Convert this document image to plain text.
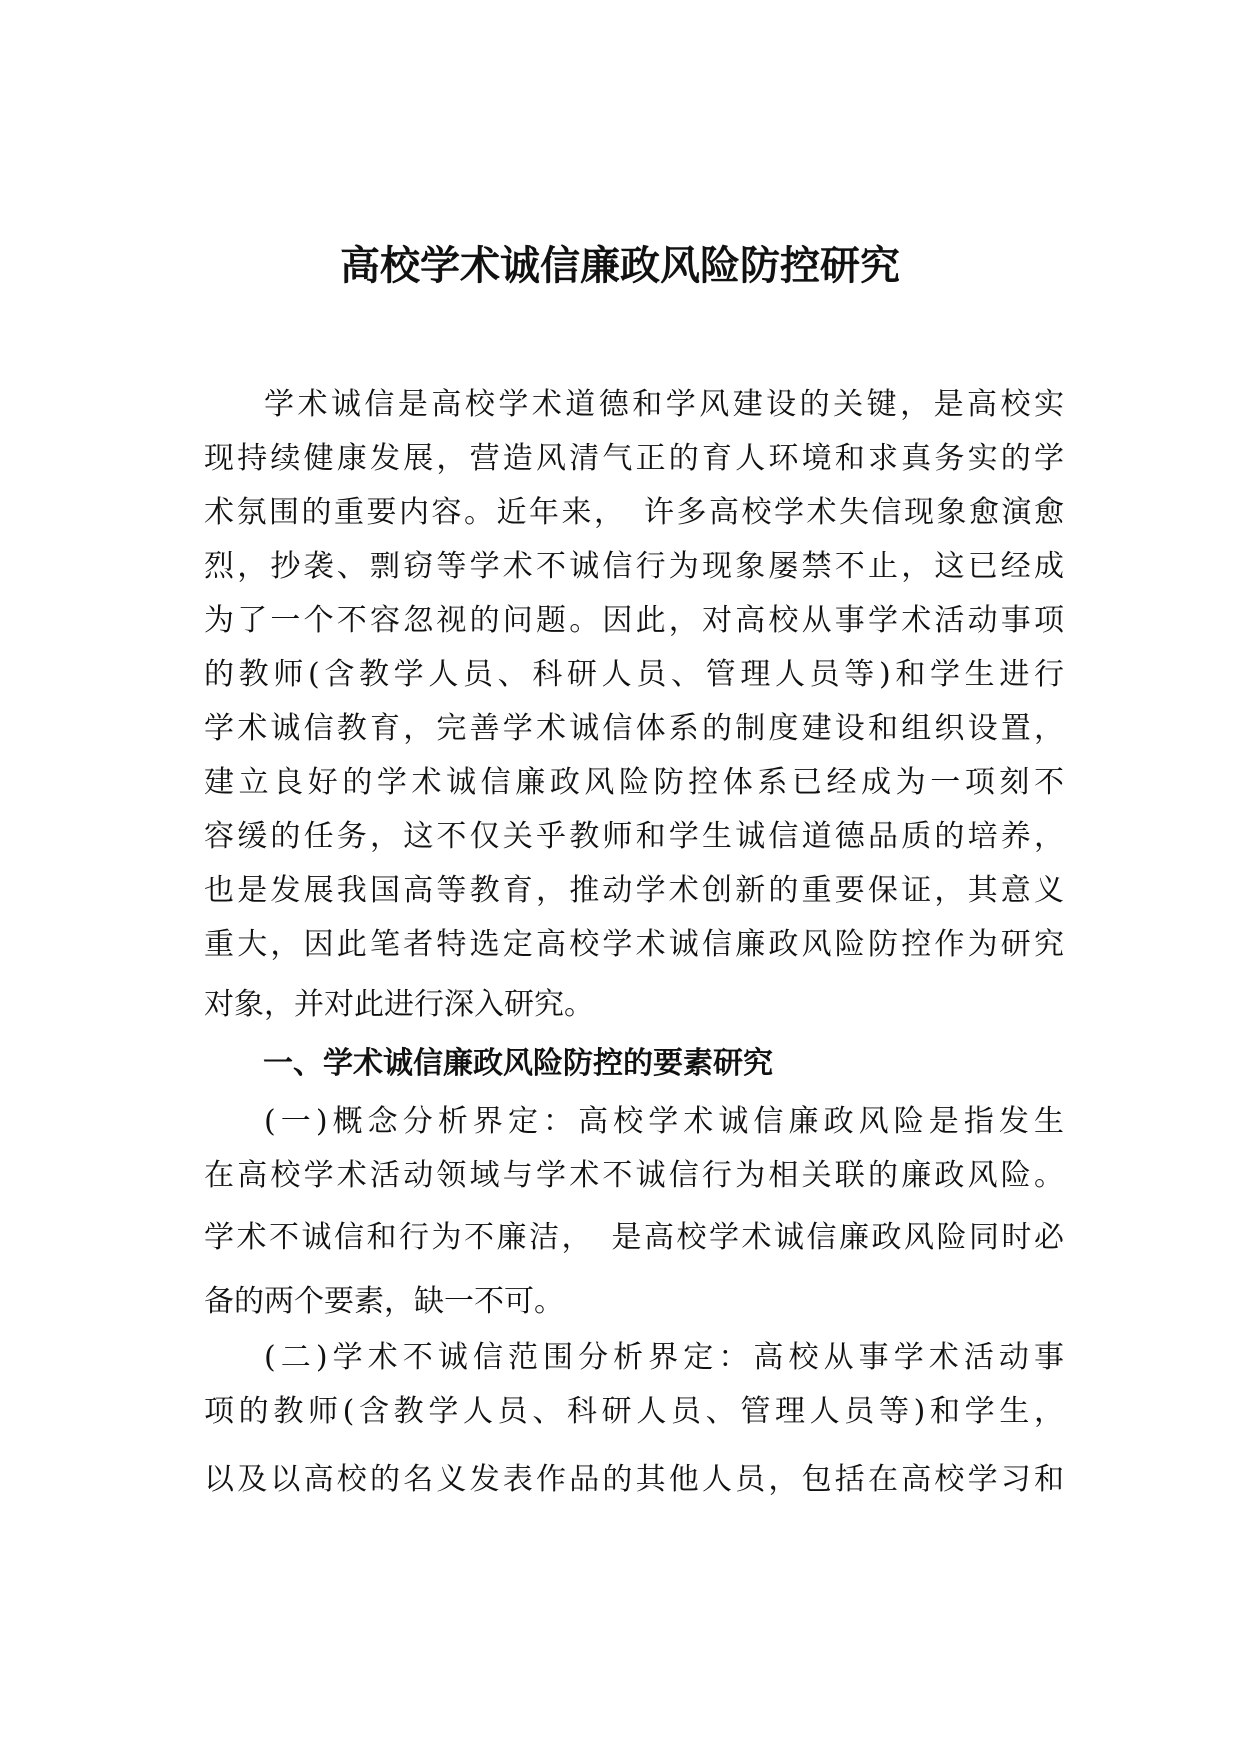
高校学术诚信廉政风险防控研究
学术诚信是高校学术道德和学风建设的关键，是高校实
现持续健康发展，营造风清气正的育人环境和求真务实的学
术氛围的重要内容。近年来，　许多高校学术失信现象愈演愈
烈，抄袭、剽窃等学术不诚信行为现象屡禁不止，这已经成
为了一个不容忽视的问题。因此，对高校从事学术活动事项
的教师(含教学人员、科研人员、管理人员等)和学生进行
学术诚信教育，完善学术诚信体系的制度建设和组织设置，
建立良好的学术诚信廉政风险防控体系已经成为一项刻不
容缓的任务，这不仅关乎教师和学生诚信道德品质的培养，
也是发展我国高等教育，推动学术创新的重要保证，其意义
重大，因此笔者特选定高校学术诚信廉政风险防控作为研究
对象，并对此进行深入研究。
一、学术诚信廉政风险防控的要素研究
(一)概念分析界定：高校学术诚信廉政风险是指发生
在高校学术活动领域与学术不诚信行为相关联的廉政风险。
学术不诚信和行为不廉洁，　是高校学术诚信廉政风险同时必
备的两个要素，缺一不可。
(二)学术不诚信范围分析界定：高校从事学术活动事
项的教师(含教学人员、科研人员、管理人员等)和学生，
以及以高校的名义发表作品的其他人员，包括在高校学习和
